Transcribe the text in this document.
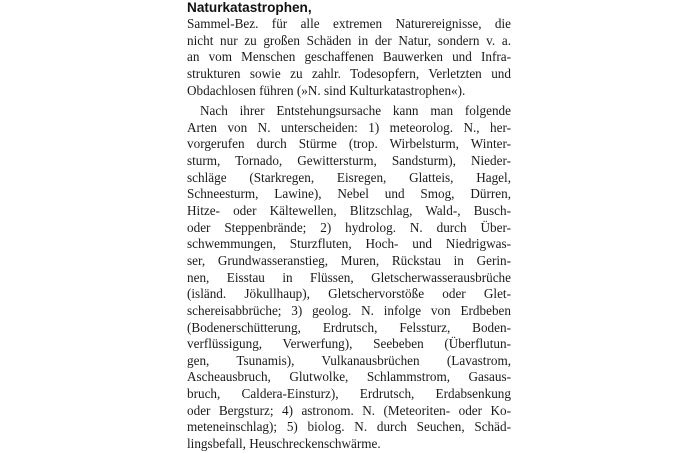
Naturkatastrophen,
Sammel-Bez. für alle extremen Naturereignisse, die
nicht nur zu großen Schäden in der Natur, sondern v. a.
an vom Menschen geschaffenen Bauwerken und Infra-
strukturen sowie zu zahlr. Todesopfern, Verletzten und
Obdachlosen führen (»N. sind Kulturkatastrophen«).
Nach ihrer Entstehungsursache kann man folgende
Arten von N. unterscheiden: 1) meteorolog. N., her-
vorgerufen durch Stürme (trop. Wirbelsturm, Winter-
sturm, Tornado, Gewittersturm, Sandsturm), Nieder-
schläge (Starkregen, Eisregen, Glatteis, Hagel,
Schneesturm, Lawine), Nebel und Smog, Dürren,
Hitze- oder Kältewellen, Blitzschlag, Wald-, Busch-
oder Steppenbrände; 2) hydrolog. N. durch Über-
schwemmungen, Sturzfluten, Hoch- und Niedrigwas-
ser, Grundwasseranstieg, Muren, Rückstau in Gerin-
nen, Eisstau in Flüssen, Gletscherwasserausbrüche
(isländ. Jökullhaup), Gletschervorstöße oder Glet-
schereisabbrüche; 3) geolog. N. infolge von Erdbeben
(Bodenerschütterung, Erdrutsch, Felssturz, Boden-
verflüssigung, Verwerfung), Seebeben (Überflutun-
gen, Tsunamis), Vulkanausbrüchen (Lavastrom,
Ascheausbruch, Glutwolke, Schlammstrom, Gasaus-
bruch, Caldera-Einsturz), Erdrutsch, Erdabsenkung
oder Bergsturz; 4) astronom. N. (Meteoriten- oder Ko-
meteneinschlag); 5) biolog. N. durch Seuchen, Schäd-
lingsbefall, Heuschreckenschwärme.
